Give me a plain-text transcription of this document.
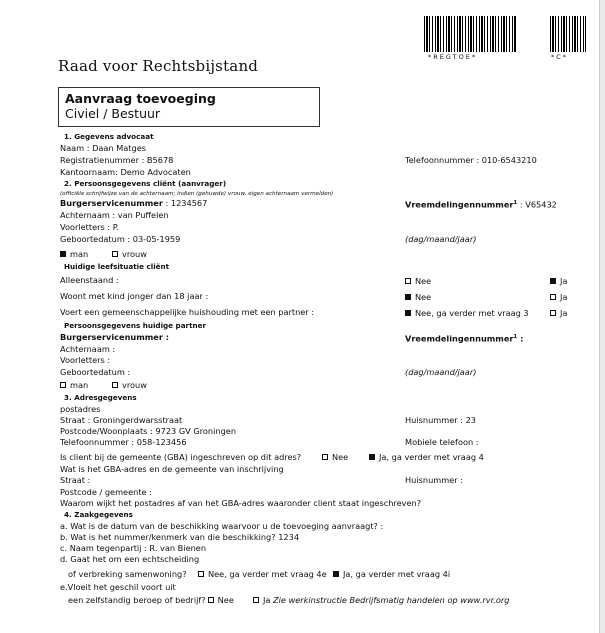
*REGTOE*	*C*
Raad voor Rechtsbijstand
Aanvraag toevoeging
Civiel / Bestuur
1. Gegevens advocaat
Naam : Daan Matges
Registratienummer : B5678	Telefoonnummer : 010-6543210
Kantoornaam: Demo Advocaten
2. Persoonsgegevens cliënt (aanvrager)
(officiële schrijfwijze van de achternaam; indien (gehuwde) vrouw, eigen achternaam vermelden)
Burgerservicenummer : 1234567	Vreemdelingennummer$^1$ : V65432
Achternaam : van Puffelen
Voorletters : P.
Geboortedatum : 03-05-1959	(dag/maand/jaar)
man	vrouw
Huidige leefsituatie cliënt
Alleenstaand :	Nee	Ja
Woont met kind jonger dan 18 jaar :	Nee	Ja
Voert een gemeenschappelijke huishouding met een partner :	Nee, ga verder met vraag 3	Ja
Persoonsgegevens huidige partner
Burgerservicenummer :	Vreemdelingennummer$^1$ :
Achternaam :
Voorletters :
Geboortedatum :	(dag/maand/jaar)
man	vrouw
3. Adresgegevens
postadres
Straat : Groningerdwarsstraat	Huisnummer : 23
Postcode/Woonplaats : 9723 GV Groningen
Telefoonnummer : 058-123456	Mobiele telefoon :
Is client bij de gemeente (GBA) ingeschreven op dit adres?	Nee	Ja, ga verder met vraag 4
Wat is het GBA-adres en de gemeente van inschrijving
Straat :	Huisnummer :
Postcode / gemeente :
Waarom wijkt het postadres af van het GBA-adres waaronder client staat ingeschreven?
4. Zaakgegevens
a. Wat is de datum van de beschikking waarvoor u de toevoeging aanvraagt? :
b. Wat is het nummer/kenmerk van die beschikking? 1234
c. Naam tegenpartij : R. van Bienen
d. Gaat het om een echtscheiding
of verbreking samenwoning?	Nee, ga verder met vraag 4e	Ja, ga verder met vraag 4i
e.Vloeit het geschil voort uit
een zelfstandig beroep of bedrijf? Nee	Ja Zie werkinstructie Bedrijfsmatig handelen op www.rvr.org
